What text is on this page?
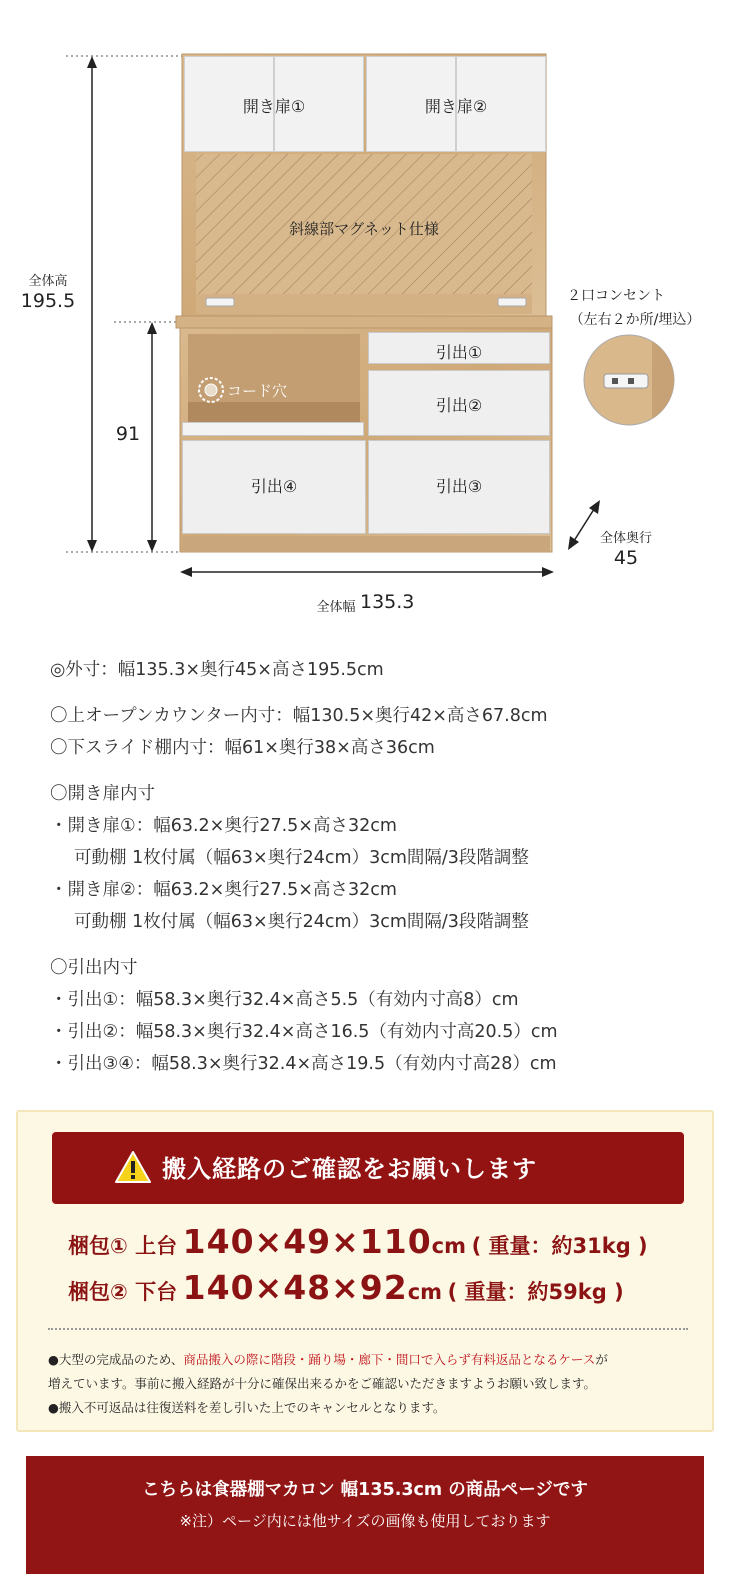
開き扉①	開き扉②
斜線部マグネット仕様
引出①
引出②
引出④	引出③
コード穴
全体高
195.5
91
２口コンセント
（左右２か所/埋込）
全体奥行
45
全体幅 135.3
◎外寸：幅135.3×奥行45×高さ195.5cm
〇上オープンカウンター内寸：幅130.5×奥行42×高さ67.8cm
〇下スライド棚内寸：幅61×奥行38×高さ36cm
〇開き扉内寸
・開き扉①：幅63.2×奥行27.5×高さ32cm
可動棚 1枚付属（幅63×奥行24cm）3cm間隔/3段階調整
・開き扉②：幅63.2×奥行27.5×高さ32cm
可動棚 1枚付属（幅63×奥行24cm）3cm間隔/3段階調整
〇引出内寸
・引出①：幅58.3×奥行32.4×高さ5.5（有効内寸高8）cm
・引出②：幅58.3×奥行32.4×高さ16.5（有効内寸高20.5）cm
・引出③④：幅58.3×奥行32.4×高さ19.5（有効内寸高28）cm
搬入経路のご確認をお願いします
梱包① 上台 140×49×110cm ( 重量：約31kg )
梱包② 下台 140×48×92cm ( 重量：約59kg )
●大型の完成品のため、商品搬入の際に階段・踊り場・廊下・間口で入らず有料返品となるケースが
増えています。事前に搬入経路が十分に確保出来るかをご確認いただきますようお願い致します。
●搬入不可返品は往復送料を差し引いた上でのキャンセルとなります。
こちらは食器棚マカロン 幅135.3cm の商品ページです
※注）ページ内には他サイズの画像も使用しております
